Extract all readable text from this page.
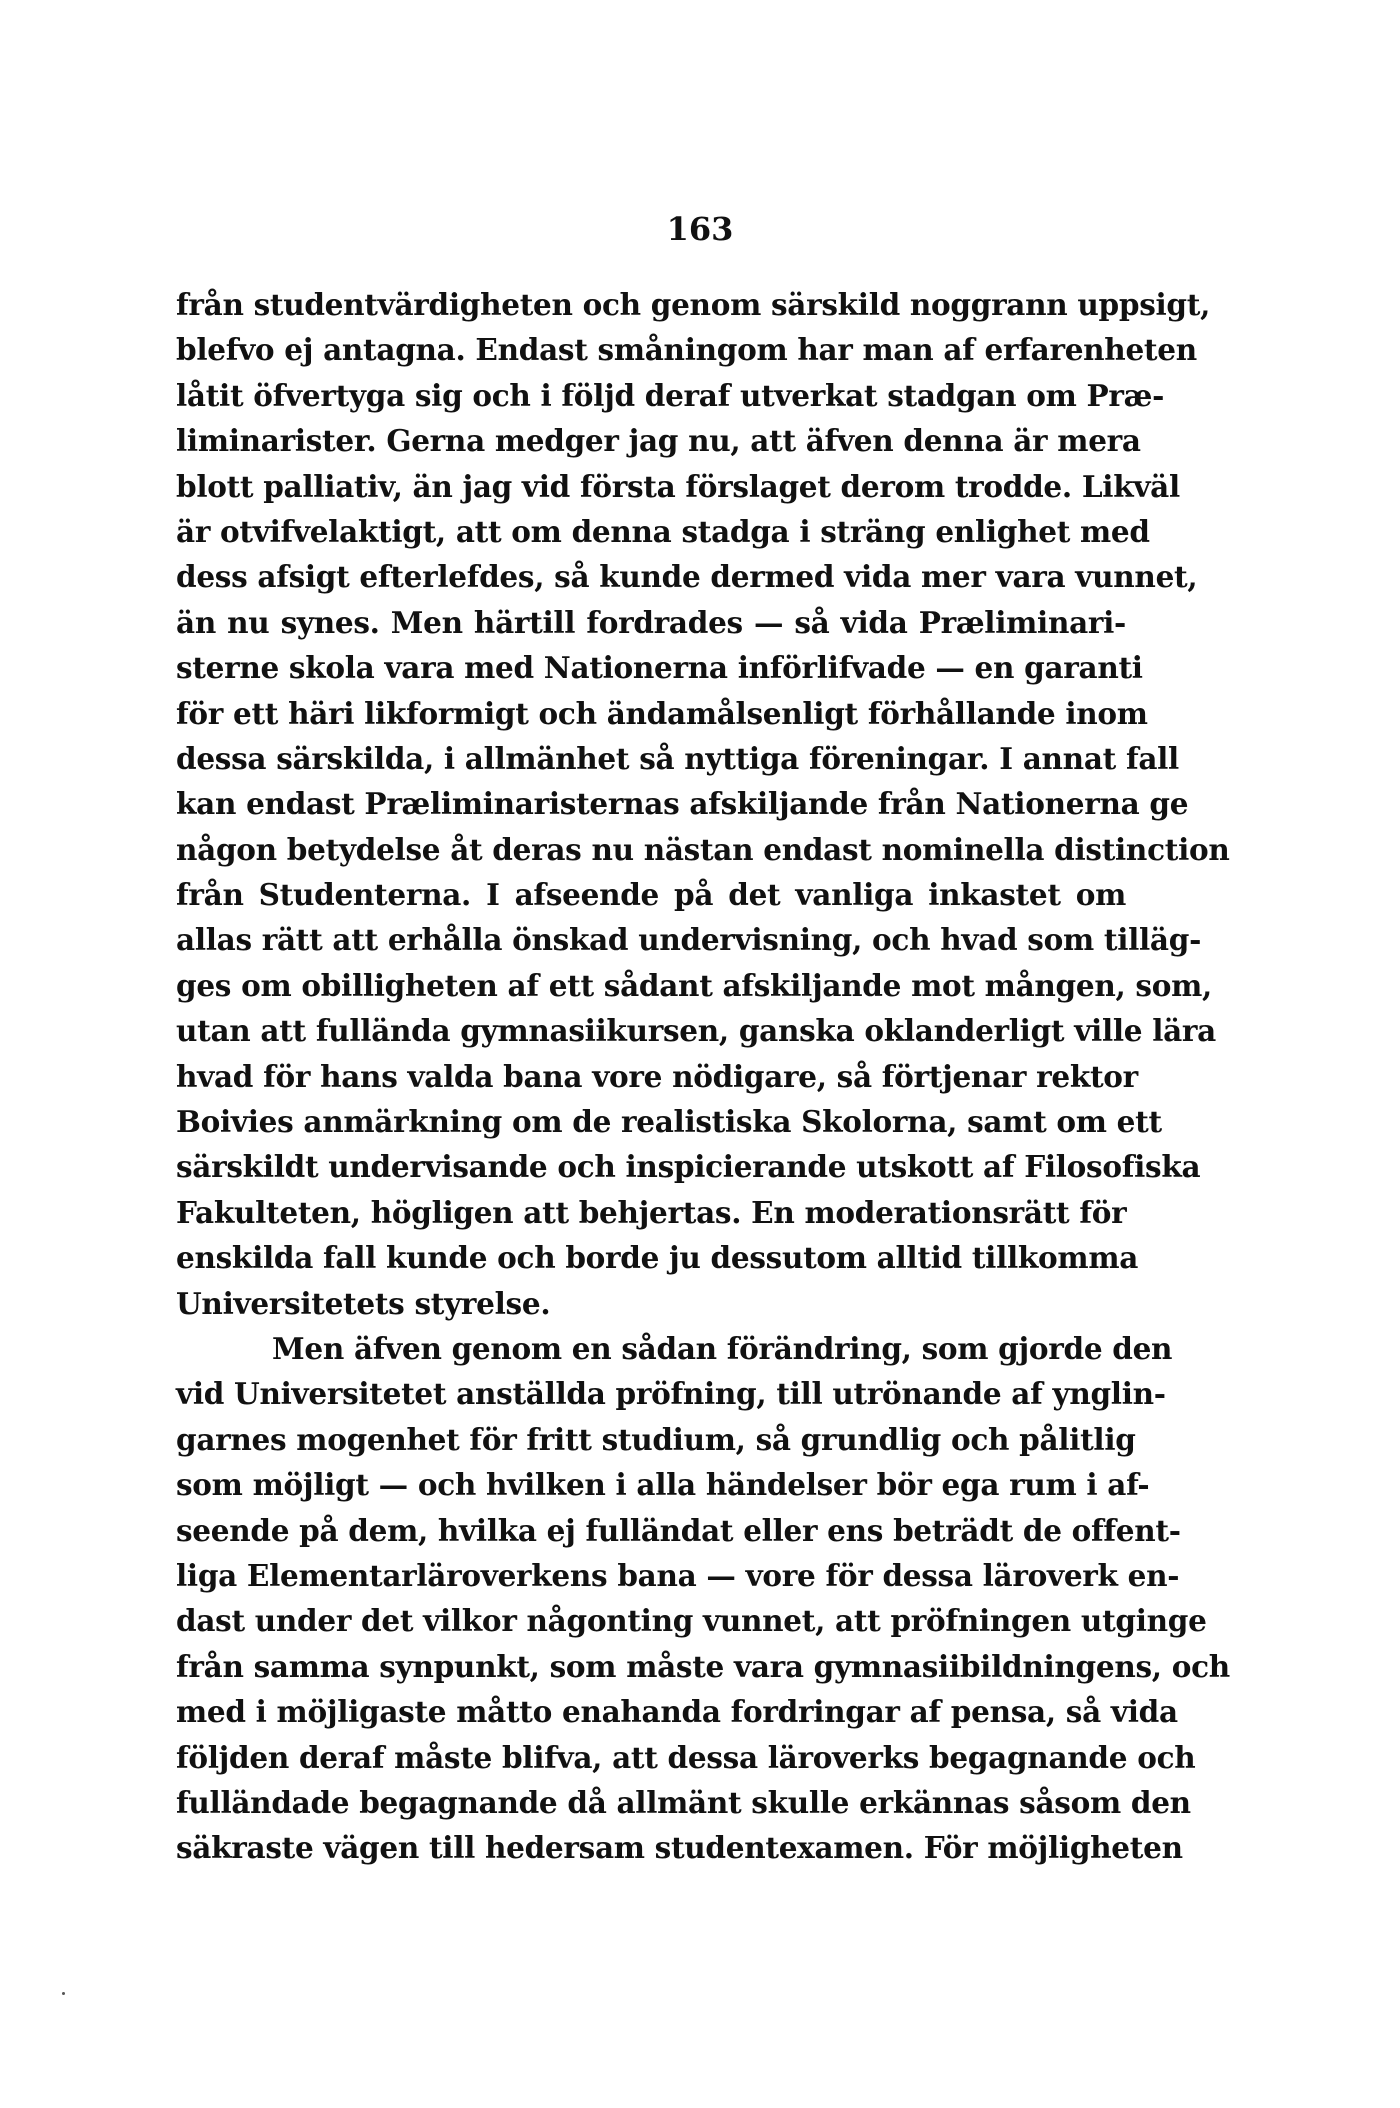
163
från studentvärdigheten och genom särskild noggrann uppsigt,
blefvo ej antagna. Endast småningom har man af erfarenheten
låtit öfvertyga sig och i följd deraf utverkat stadgan om Præ-
liminarister. Gerna medger jag nu, att äfven denna är mera
blott palliativ, än jag vid första förslaget derom trodde. Likväl
är otvifvelaktigt, att om denna stadga i sträng enlighet med
dess afsigt efterlefdes, så kunde dermed vida mer vara vunnet,
än nu synes. Men härtill fordrades — så vida Præliminari-
sterne skola vara med Nationerna införlifvade — en garanti
för ett häri likformigt och ändamålsenligt förhållande inom
dessa särskilda, i allmänhet så nyttiga föreningar. I annat fall
kan endast Præliminaristernas afskiljande från Nationerna ge
någon betydelse åt deras nu nästan endast nominella distinction
från Studenterna. I afseende på det vanliga inkastet om
allas rätt att erhålla önskad undervisning, och hvad som tilläg-
ges om obilligheten af ett sådant afskiljande mot mången, som,
utan att fullända gymnasiikursen, ganska oklanderligt ville lära
hvad för hans valda bana vore nödigare, så förtjenar rektor
Boivies anmärkning om de realistiska Skolorna, samt om ett
särskildt undervisande och inspicierande utskott af Filosofiska
Fakulteten, högligen att behjertas. En moderationsrätt för
enskilda fall kunde och borde ju dessutom alltid tillkomma
Universitetets styrelse.
Men äfven genom en sådan förändring, som gjorde den
vid Universitetet anställda pröfning, till utrönande af ynglin-
garnes mogenhet för fritt studium, så grundlig och pålitlig
som möjligt — och hvilken i alla händelser bör ega rum i af-
seende på dem, hvilka ej fulländat eller ens beträdt de offent-
liga Elementarläroverkens bana — vore för dessa läroverk en-
dast under det vilkor någonting vunnet, att pröfningen utginge
från samma synpunkt, som måste vara gymnasiibildningens, och
med i möjligaste måtto enahanda fordringar af pensa, så vida
följden deraf måste blifva, att dessa läroverks begagnande och
fulländade begagnande då allmänt skulle erkännas såsom den
säkraste vägen till hedersam studentexamen. För möjligheten
